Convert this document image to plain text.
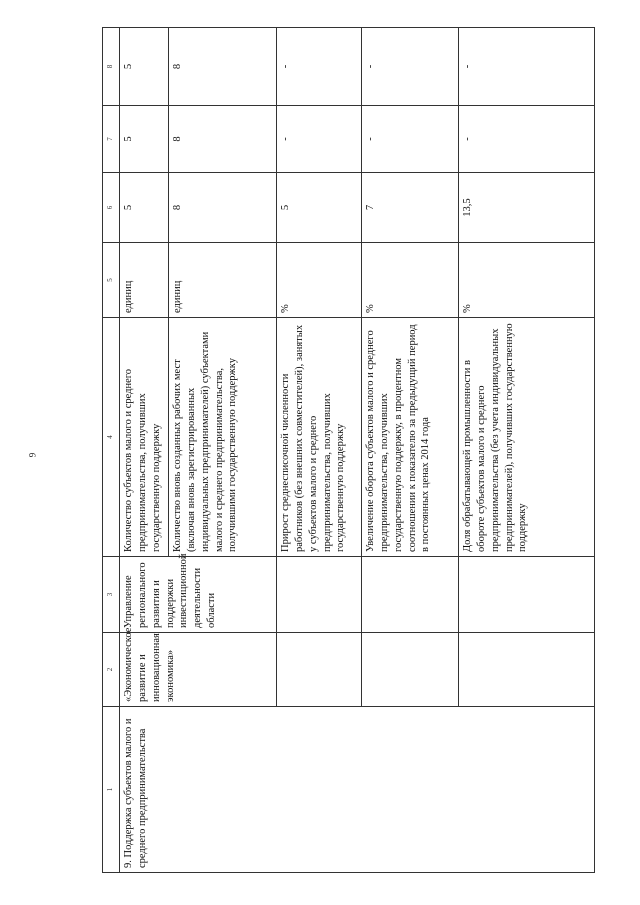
9
1	2	3	4	5	6	7	8
9. Поддержка субъектов малого и среднего предпринимательства	«Экономическое развитие и инновационная экономика»	Управление регионального развития и поддержки инвестиционной деятельности области	Количество субъектов малого и среднего предпринимательства, получивших государственную поддержку	единиц	5	5	5
			Количество вновь созданных рабочих мест (включая вновь зарегистрированных индивидуальных предпринимателей) субъектами малого и среднего предпринимательства, получившими государственную поддержку	единиц	8	8	8
			Прирост среднесписочной численности работников (без внешних совместителей), занятых у субъектов малого и среднего предпринимательства, получивших государственную поддержку	%	5	-	-
			Увеличение оборота субъектов малого и среднего предпринимательства, получивших государственную поддержку, в процентном соотношении к показателю за предыдущий период в постоянных ценах 2014 года	%	7	-	-
			Доля обрабатывающей промышленности в обороте субъектов малого и среднего предпринимательства (без учета индивидуальных предпринимателей), получивших государственную поддержку	%	13,5	-	-
